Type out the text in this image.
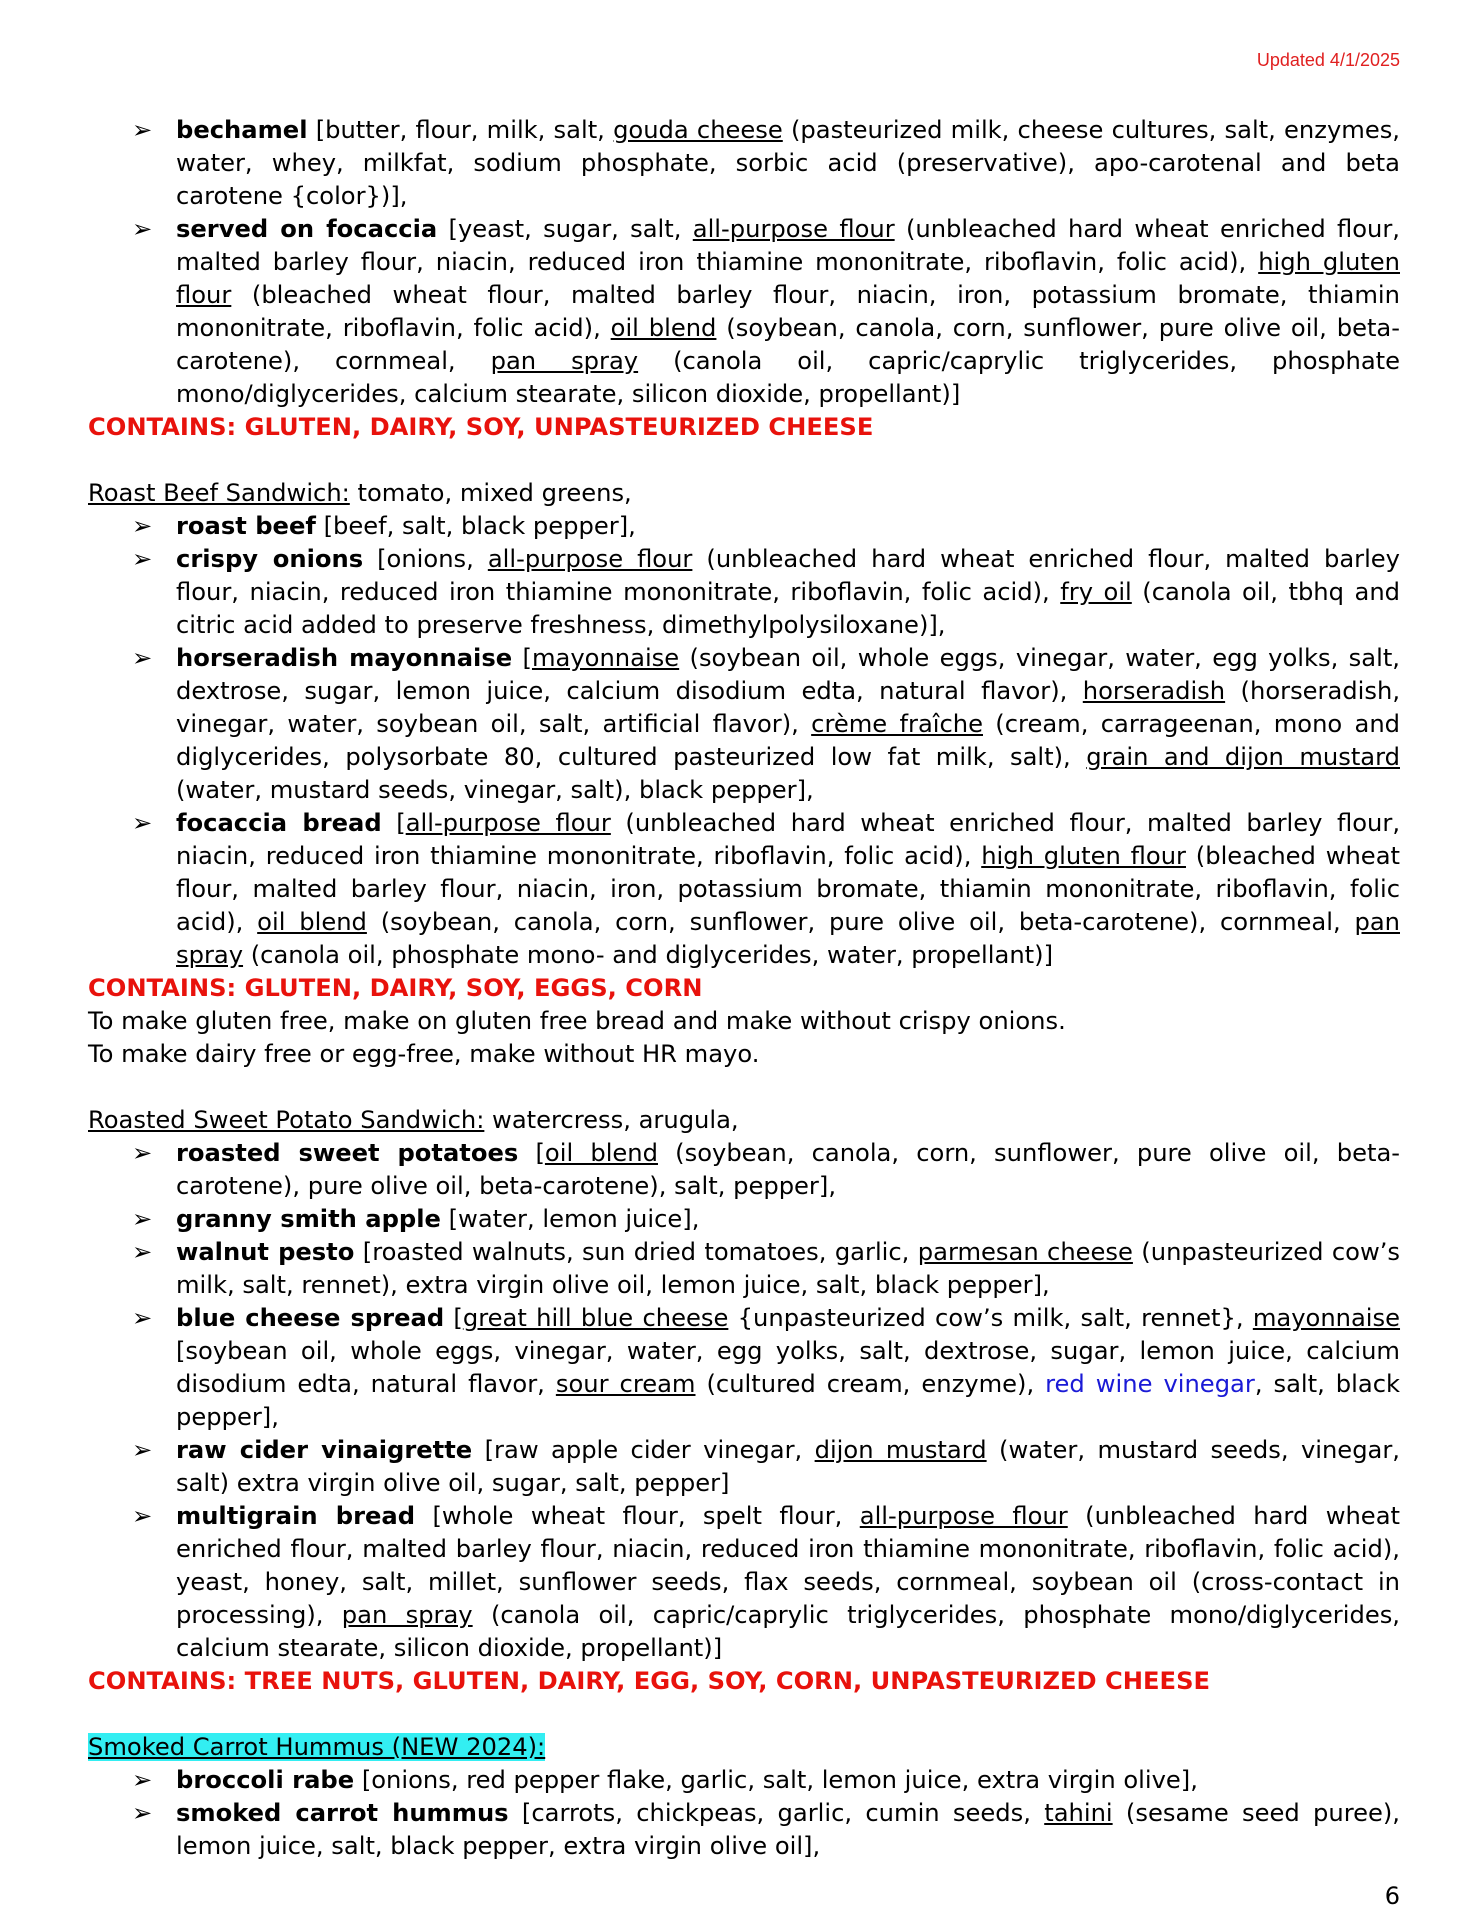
Updated 4/1/2025
➢ bechamel [butter, flour, milk, salt, gouda cheese (pasteurized milk, cheese cultures, salt, enzymes, water, whey, milkfat, sodium phosphate, sorbic acid (preservative), apo-carotenal and beta carotene {color})],
➢ served on focaccia [yeast, sugar, salt, all-purpose flour (unbleached hard wheat enriched flour, malted barley flour, niacin, reduced iron thiamine mononitrate, riboflavin, folic acid), high gluten flour (bleached wheat flour, malted barley flour, niacin, iron, potassium bromate, thiamin mononitrate, riboflavin, folic acid), oil blend (soybean, canola, corn, sunflower, pure olive oil, beta-carotene), cornmeal, pan spray (canola oil, capric/caprylic triglycerides, phosphate mono/diglycerides, calcium stearate, silicon dioxide, propellant)]

CONTAINS: GLUTEN, DAIRY, SOY, UNPASTEURIZED CHEESE

Roast Beef Sandwich: tomato, mixed greens,

➢ roast beef [beef, salt, black pepper],
➢ crispy onions [onions, all-purpose flour (unbleached hard wheat enriched flour, malted barley flour, niacin, reduced iron thiamine mononitrate, riboflavin, folic acid), fry oil (canola oil, tbhq and citric acid added to preserve freshness, dimethylpolysiloxane)],
➢ horseradish mayonnaise [mayonnaise (soybean oil, whole eggs, vinegar, water, egg yolks, salt, dextrose, sugar, lemon juice, calcium disodium edta, natural flavor), horseradish (horseradish, vinegar, water, soybean oil, salt, artificial flavor), crème fraîche (cream, carrageenan, mono and diglycerides, polysorbate 80, cultured pasteurized low fat milk, salt), grain and dijon mustard (water, mustard seeds, vinegar, salt), black pepper],
➢ focaccia bread [all-purpose flour (unbleached hard wheat enriched flour, malted barley flour, niacin, reduced iron thiamine mononitrate, riboflavin, folic acid), high gluten flour (bleached wheat flour, malted barley flour, niacin, iron, potassium bromate, thiamin mononitrate, riboflavin, folic acid), oil blend (soybean, canola, corn, sunflower, pure olive oil, beta-carotene), cornmeal, pan spray (canola oil, phosphate mono- and diglycerides, water, propellant)]

CONTAINS: GLUTEN, DAIRY, SOY, EGGS, CORN

To make gluten free, make on gluten free bread and make without crispy onions.

To make dairy free or egg-free, make without HR mayo.

Roasted Sweet Potato Sandwich: watercress, arugula,

➢ roasted sweet potatoes [oil blend (soybean, canola, corn, sunflower, pure olive oil, beta-carotene), pure olive oil, beta-carotene), salt, pepper],
➢ granny smith apple [water, lemon juice],
➢ walnut pesto [roasted walnuts, sun dried tomatoes, garlic, parmesan cheese (unpasteurized cow’s milk, salt, rennet), extra virgin olive oil, lemon juice, salt, black pepper],
➢ blue cheese spread [great hill blue cheese {unpasteurized cow’s milk, salt, rennet}, mayonnaise [soybean oil, whole eggs, vinegar, water, egg yolks, salt, dextrose, sugar, lemon juice, calcium disodium edta, natural flavor, sour cream (cultured cream, enzyme), red wine vinegar, salt, black pepper],
➢ raw cider vinaigrette [raw apple cider vinegar, dijon mustard (water, mustard seeds, vinegar, salt) extra virgin olive oil, sugar, salt, pepper]
➢ multigrain bread [whole wheat flour, spelt flour, all-purpose flour (unbleached hard wheat enriched flour, malted barley flour, niacin, reduced iron thiamine mononitrate, riboflavin, folic acid), yeast, honey, salt, millet, sunflower seeds, flax seeds, cornmeal, soybean oil (cross-contact in processing), pan spray (canola oil, capric/caprylic triglycerides, phosphate mono/diglycerides, calcium stearate, silicon dioxide, propellant)]

CONTAINS: TREE NUTS, GLUTEN, DAIRY, EGG, SOY, CORN, UNPASTEURIZED CHEESE

Smoked Carrot Hummus (NEW 2024):

➢ broccoli rabe [onions, red pepper flake, garlic, salt, lemon juice, extra virgin olive],
➢ smoked carrot hummus [carrots, chickpeas, garlic, cumin seeds, tahini (sesame seed puree), lemon juice, salt, black pepper, extra virgin olive oil],
6
